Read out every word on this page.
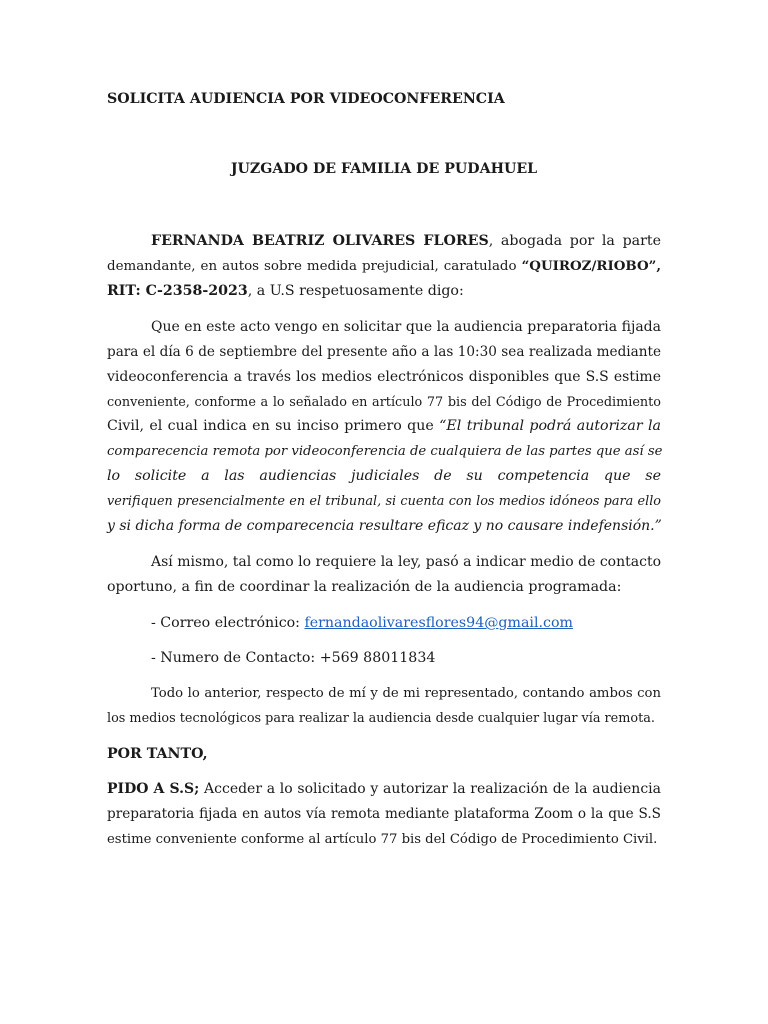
SOLICITA AUDIENCIA POR VIDEOCONFERENCIA
JUZGADO DE FAMILIA DE PUDAHUEL
FERNANDA BEATRIZ OLIVARES FLORES, abogada por la parte
demandante, en autos sobre medida prejudicial, caratulado “QUIROZ/RIOBO”,
RIT: C-2358-2023, a U.S respetuosamente digo:
Que en este acto vengo en solicitar que la audiencia preparatoria fijada
para el día 6 de septiembre del presente año a las 10:30 sea realizada mediante
videoconferencia a través los medios electrónicos disponibles que S.S estime
conveniente, conforme a lo señalado en artículo 77 bis del Código de Procedimiento
Civil, el cual indica en su inciso primero que “El tribunal podrá autorizar la
comparecencia remota por videoconferencia de cualquiera de las partes que así se
lo solicite a las audiencias judiciales de su competencia que se
verifiquen presencialmente en el tribunal, si cuenta con los medios idóneos para ello
y si dicha forma de comparecencia resultare eficaz y no causare indefensión.”
Así mismo, tal como lo requiere la ley, pasó a indicar medio de contacto
oportuno, a fin de coordinar la realización de la audiencia programada:
- Correo electrónico: fernandaolivaresflores94@gmail.com
- Numero de Contacto: +569 88011834
Todo lo anterior, respecto de mí y de mi representado, contando ambos con
los medios tecnológicos para realizar la audiencia desde cualquier lugar vía remota.
POR TANTO,
PIDO A S.S; Acceder a lo solicitado y autorizar la realización de la audiencia
preparatoria fijada en autos vía remota mediante plataforma Zoom o la que S.S
estime conveniente conforme al artículo 77 bis del Código de Procedimiento Civil.
